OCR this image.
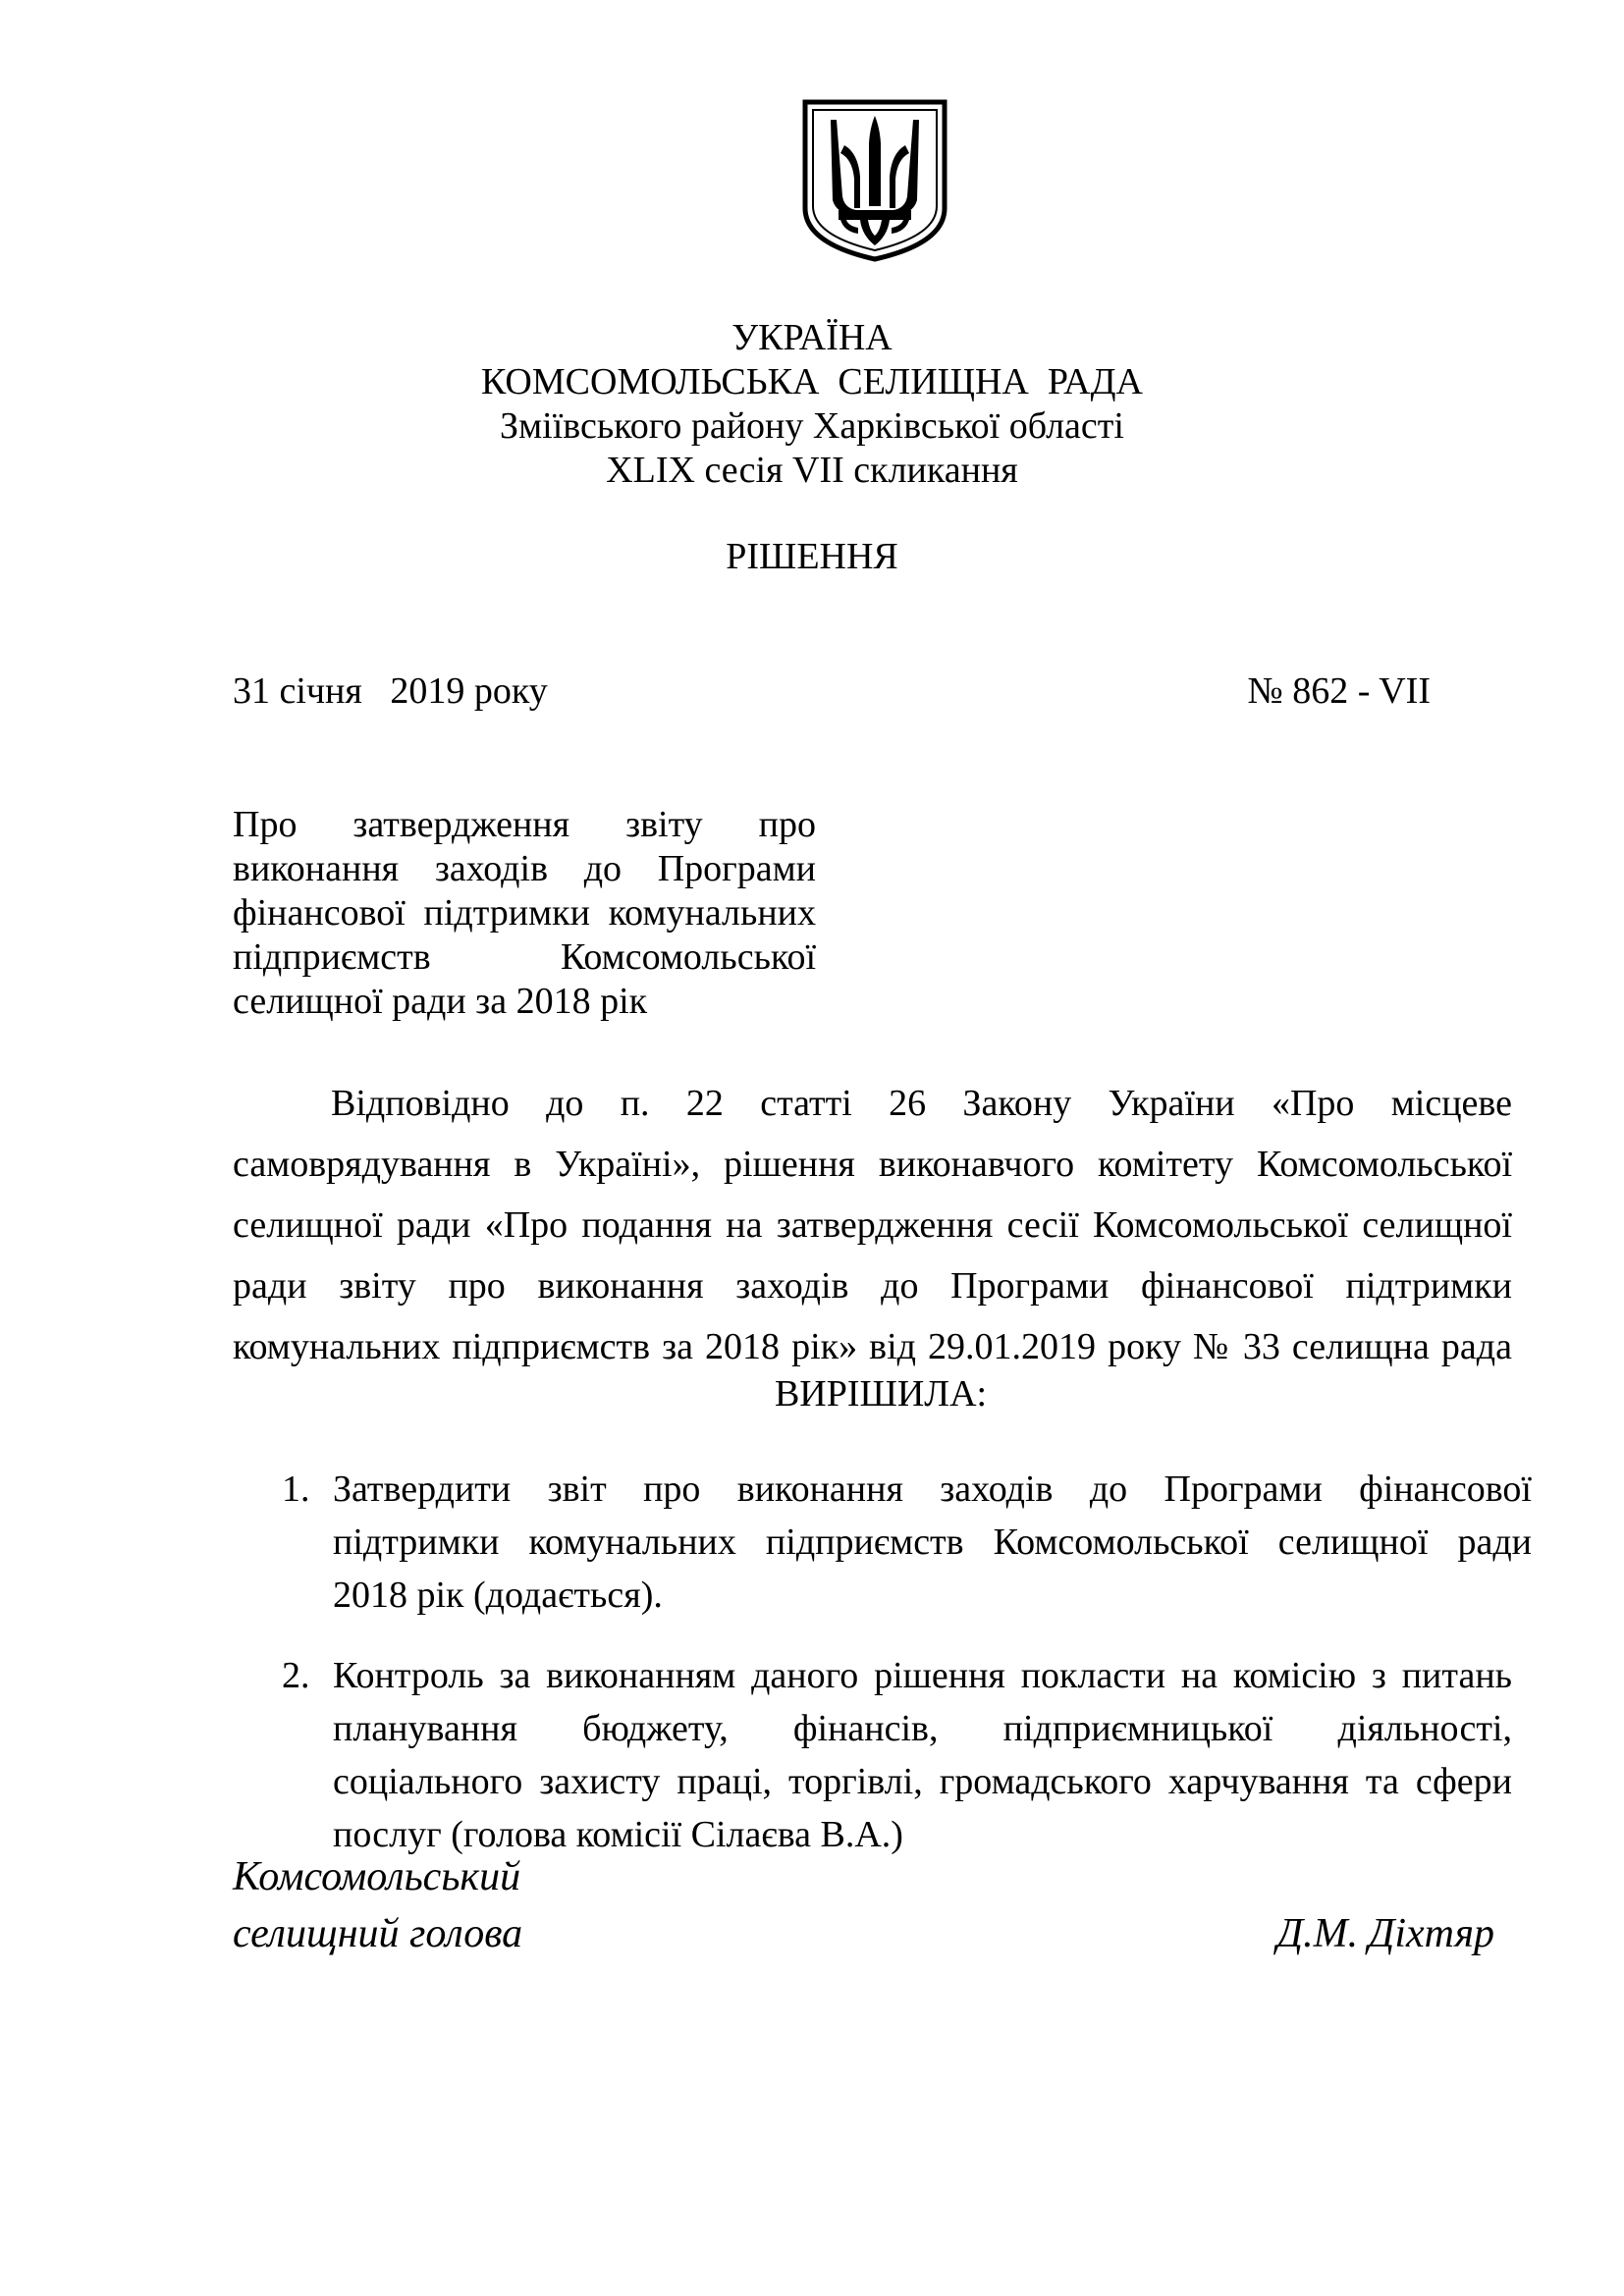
УКРАЇНА
КОМСОМОЛЬСЬКА  СЕЛИЩНА  РАДА
Зміївського району Харківської області
XLIX сесія VII скликання
РІШЕННЯ
31 січня   2019 року	№ 862 - VII
Про затвердження звіту про
виконання заходів до Програми
фінансової підтримки комунальних
підприємств Комсомольської
селищної ради за 2018 рік
Відповідно до п. 22 статті 26 Закону України «Про місцеве
самоврядування в Україні», рішення виконавчого комітету Комсомольської
селищної ради «Про подання на затвердження сесії Комсомольської селищної
ради звіту про виконання заходів до Програми фінансової підтримки
комунальних підприємств за 2018 рік» від 29.01.2019 року № 33 селищна рада
ВИРІШИЛА:
1. Затвердити звіт про виконання заходів до Програми фінансової
підтримки комунальних підприємств Комсомольської селищної ради
2018 рік (додається).
2. Контроль за виконанням даного рішення покласти на комісію з питань
планування бюджету, фінансів, підприємницької діяльності,
соціального захисту праці, торгівлі, громадського харчування та сфери
послуг (голова комісії Сілаєва В.А.)
Комсомольський
селищний голова	Д.М. Діхтяр
